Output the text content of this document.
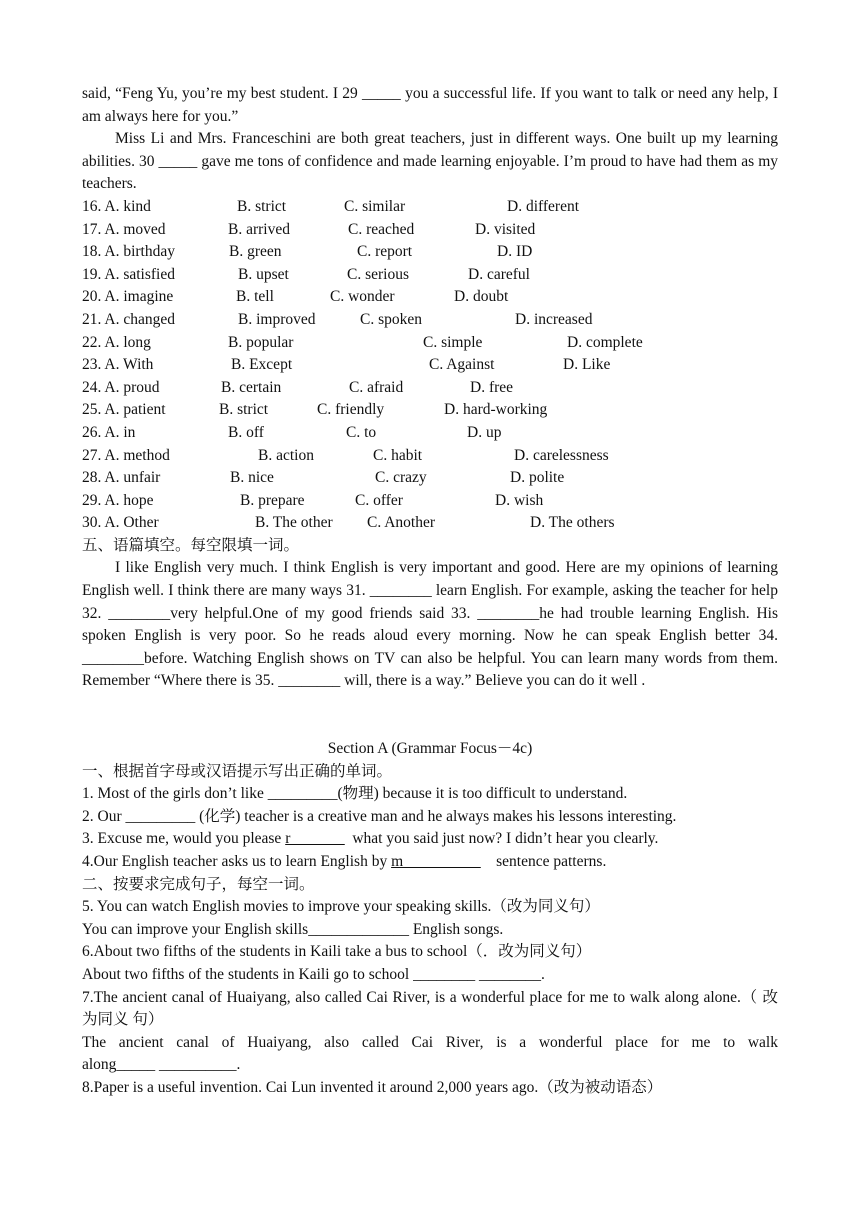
said, “Feng Yu, you’re my best student. I 29 _____ you a successful life. If you want to talk or need any help, I am always here for you.”

Miss Li and Mrs. Franceschini are both great teachers, just in different ways. One built up my learning abilities. 30 _____ gave me tons of confidence and made learning enjoyable. I’m proud to have had them as my teachers.

16. A. kind	B. strict	C. similar	D. different
17. A. moved	B. arrived	C. reached	D. visited
18. A. birthday	B. green	C. report	D. ID
19. A. satisfied	B. upset	C. serious	D. careful
20. A. imagine	B. tell	C. wonder	D. doubt
21. A. changed	B. improved	C. spoken	D. increased
22. A. long	B. popular	C. simple	D. complete
23. A. With	B. Except	C. Against	D. Like
24. A. proud	B. certain	C. afraid	D. free
25. A. patient	B. strict	C. friendly	D. hard-working
26. A. in	B. off	C. to	D. up
27. A. method	B. action	C. habit	D. carelessness
28. A. unfair	B. nice	C. crazy	D. polite
29. A. hope	B. prepare	C. offer	D. wish
30. A. Other	B. The other C. Another	D. The others

五、语篇填空。每空限填一词。

I like English very much. I think English is very important and good. Here are my opinions of learning English well. I think there are many ways 31. ________ learn English. For example, asking the teacher for help 32. ________very helpful.One of my good friends said 33. ________he had trouble learning English. His spoken English is very poor. So he reads aloud every morning. Now he can speak English better 34. ________before. Watching English shows on TV can also be helpful. You can learn many words from them. Remember “Where there is 35. ________ will, there is a way.” Believe you can do it well .

Section A (Grammar Focus－4c)

一、根据首字母或汉语提示写出正确的单词。

1. Most of the girls don’t like _________(物理) because it is too difficult to understand.

2. Our _________ (化学) teacher is a creative man and he always makes his lessons interesting.

3. Excuse me, would you please r_______  what you said just now? I didn’t hear you clearly.

4.Our English teacher asks us to learn English by m__________    sentence patterns.

二、按要求完成句子，每空一词。

5. You can watch English movies to improve your speaking skills.（改为同义句）

You can improve your English skills_____________ English songs.

6.About two fifths of the students in Kaili take a bus to school（．改为同义句）

About two fifths of the students in Kaili go to school ________ ________.

7.The ancient canal of Huaiyang, also called Cai River, is a wonderful place for me to walk along alone.（ 改为同义 句）

The ancient canal of Huaiyang, also called Cai River, is a wonderful place for me to walk

along_____ __________.

8.Paper is a useful invention. Cai Lun invented it around 2,000 years ago.（改为被动语态）
